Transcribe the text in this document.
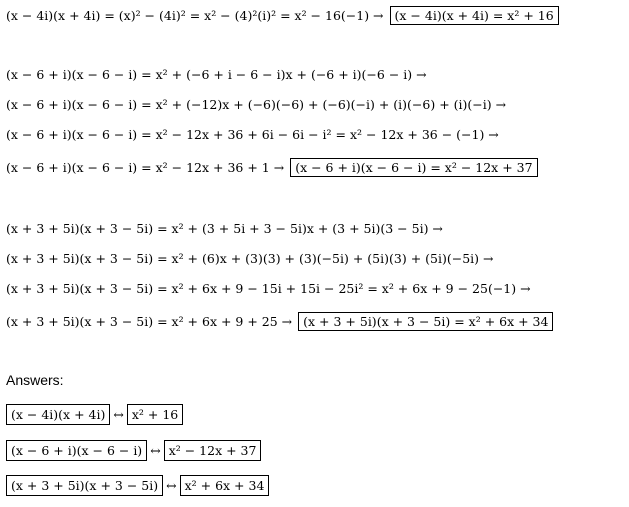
(x − 4i)(x + 4i) = (x)² − (4i)² = x² − (4)²(i)² = x² − 16(−1) → (x − 4i)(x + 4i) = x² + 16
(x − 6 + i)(x − 6 − i) = x² + (−6 + i − 6 − i)x + (−6 + i)(−6 − i) →
(x − 6 + i)(x − 6 − i) = x² + (−12)x + (−6)(−6) + (−6)(−i) + (i)(−6) + (i)(−i) →
(x − 6 + i)(x − 6 − i) = x² − 12x + 36 + 6i − 6i − i² = x² − 12x + 36 − (−1) →
(x − 6 + i)(x − 6 − i) = x² − 12x + 36 + 1 → (x − 6 + i)(x − 6 − i) = x² − 12x + 37
(x + 3 + 5i)(x + 3 − 5i) = x² + (3 + 5i + 3 − 5i)x + (3 + 5i)(3 − 5i) →
(x + 3 + 5i)(x + 3 − 5i) = x² + (6)x + (3)(3) + (3)(−5i) + (5i)(3) + (5i)(−5i) →
(x + 3 + 5i)(x + 3 − 5i) = x² + 6x + 9 − 15i + 15i − 25i² = x² + 6x + 9 − 25(−1) →
(x + 3 + 5i)(x + 3 − 5i) = x² + 6x + 9 + 25 → (x + 3 + 5i)(x + 3 − 5i) = x² + 6x + 34
Answers:
(x − 4i)(x + 4i) ↔ x² + 16
(x − 6 + i)(x − 6 − i) ↔ x² − 12x + 37
(x + 3 + 5i)(x + 3 − 5i) ↔ x² + 6x + 34
